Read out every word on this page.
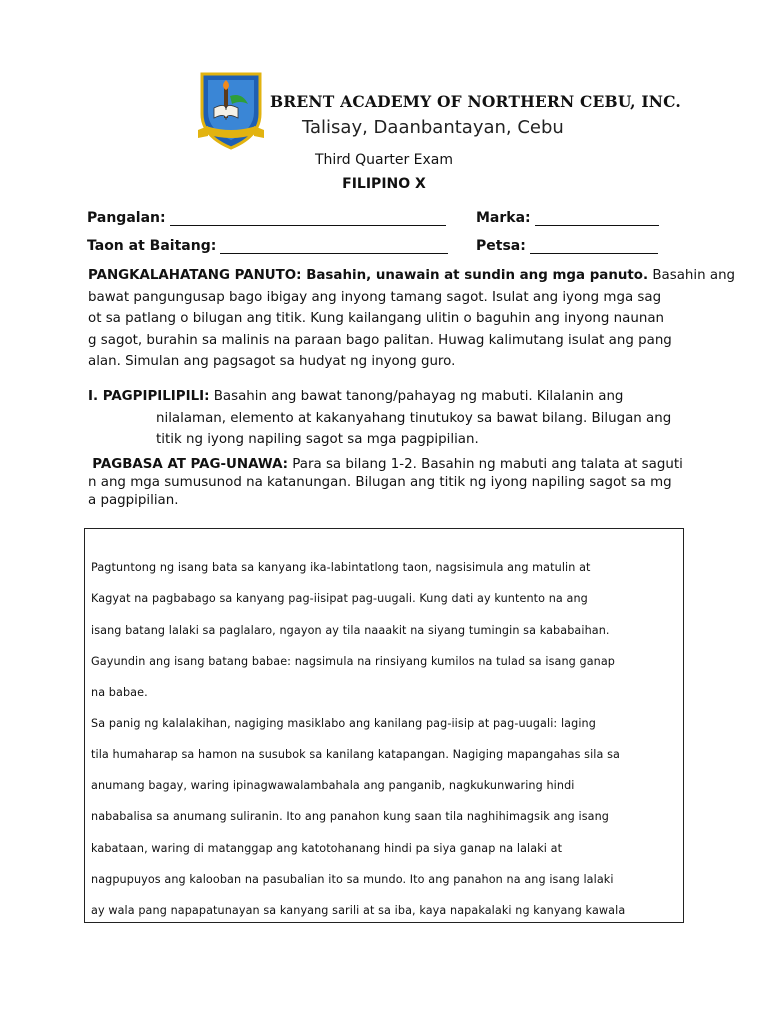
BRENT ACADEMY OF NORTHERN CEBU, INC.
Talisay, Daanbantayan, Cebu
Third Quarter Exam
FILIPINO X
Pangalan:	Marka:
Taon at Baitang:	Petsa:
PANGKALAHATANG PANUTO: Basahin, unawain at sundin ang mga panuto. Basahin ang
bawat pangungusap bago ibigay ang inyong tamang sagot. Isulat ang iyong mga sag
ot sa patlang o bilugan ang titik. Kung kailangang ulitin o baguhin ang inyong naunan
g sagot, burahin sa malinis na paraan bago palitan. Huwag kalimutang isulat ang pang
alan. Simulan ang pagsagot sa hudyat ng inyong guro.
I. PAGPIPILIPILI: Basahin ang bawat tanong/pahayag ng mabuti. Kilalanin ang
nilalaman, elemento at kakanyahang tinutukoy sa bawat bilang. Bilugan ang
titik ng iyong napiling sagot sa mga pagpipilian.
PAGBASA AT PAG-UNAWA: Para sa bilang 1-2. Basahin ng mabuti ang talata at saguti
n ang mga sumusunod na katanungan. Bilugan ang titik ng iyong napiling sagot sa mg
a pagpipilian.
Pagtuntong ng isang bata sa kanyang ika-labintatlong taon, nagsisimula ang matulin at
Kagyat na pagbabago sa kanyang pag-iisipat pag-uugali. Kung dati ay kuntento na ang
isang batang lalaki sa paglalaro, ngayon ay tila naaakit na siyang tumingin sa kababaihan.
Gayundin ang isang batang babae: nagsimula na rinsiyang kumilos na tulad sa isang ganap
na babae.
Sa panig ng kalalakihan, nagiging masiklabo ang kanilang pag-iisip at pag-uugali: laging
tila humaharap sa hamon na susubok sa kanilang katapangan. Nagiging mapangahas sila sa
anumang bagay, waring ipinagwawalambahala ang panganib, nagkukunwaring hindi
nababalisa sa anumang suliranin. Ito ang panahon kung saan tila naghihimagsik ang isang
kabataan, waring di matanggap ang katotohanang hindi pa siya ganap na lalaki at
nagpupuyos ang kalooban na pasubalian ito sa mundo. Ito ang panahon na ang isang lalaki
ay wala pang napapatunayan sa kanyang sarili at sa iba, kaya napakalaki ng kanyang kawala
